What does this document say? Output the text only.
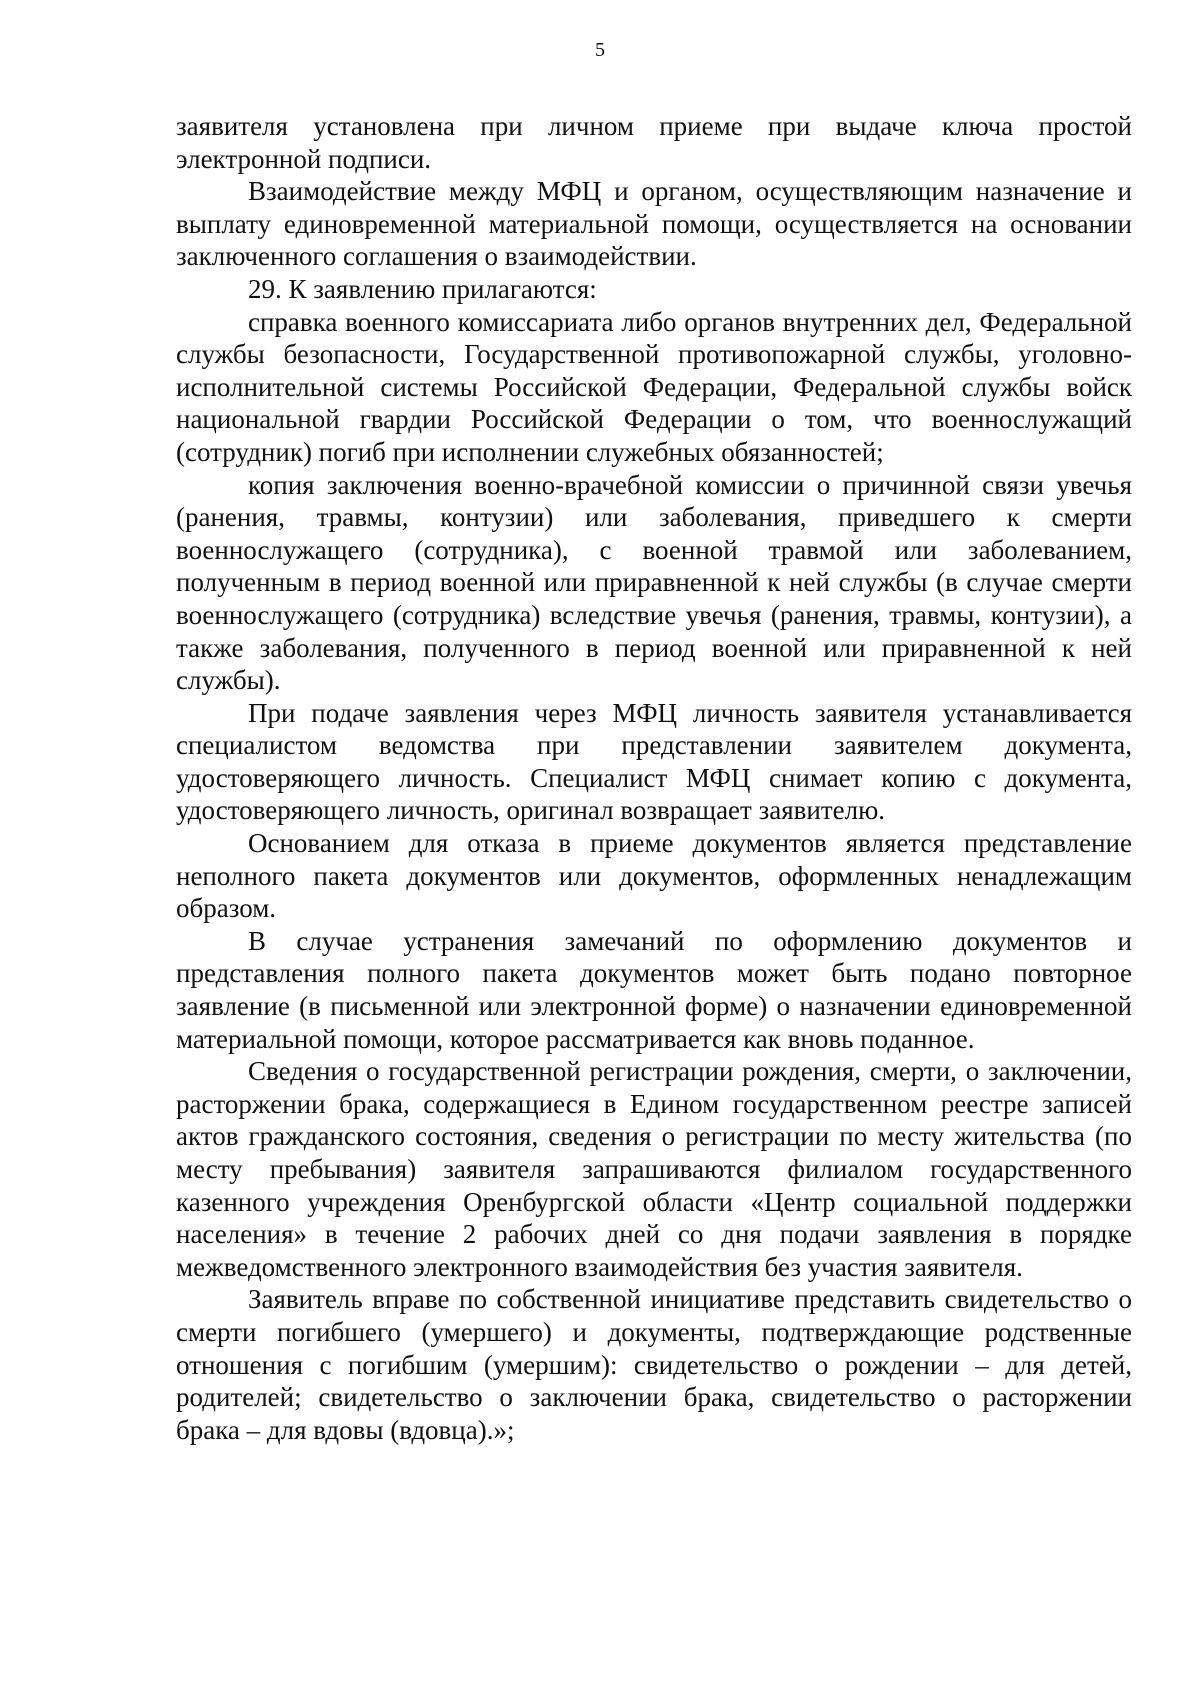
5

заявителя установлена при личном приеме при выдаче ключа простой электронной подписи.

Взаимодействие между МФЦ и органом, осуществляющим назначение и выплату единовременной материальной помощи, осуществляется на основании заключенного соглашения о взаимодействии.

29. К заявлению прилагаются:

справка военного комиссариата либо органов внутренних дел, Федеральной службы безопасности, Государственной противопожарной службы, уголовно-исполнительной системы Российской Федерации, Федеральной службы войск национальной гвардии Российской Федерации о том, что военнослужащий (сотрудник) погиб при исполнении служебных обязанностей;

копия заключения военно-врачебной комиссии о причинной связи увечья (ранения, травмы, контузии) или заболевания, приведшего к смерти военнослужащего (сотрудника), с военной травмой или заболеванием, полученным в период военной или приравненной к ней службы (в случае смерти военнослужащего (сотрудника) вследствие увечья (ранения, травмы, контузии), а также заболевания, полученного в период военной или приравненной к ней службы).

При подаче заявления через МФЦ личность заявителя устанавливается специалистом ведомства при представлении заявителем документа, удостоверяющего личность. Специалист МФЦ снимает копию с документа, удостоверяющего личность, оригинал возвращает заявителю.

Основанием для отказа в приеме документов является представление неполного пакета документов или документов, оформленных ненадлежащим образом.

В случае устранения замечаний по оформлению документов и представления полного пакета документов может быть подано повторное заявление (в письменной или электронной форме) о назначении единовременной материальной помощи, которое рассматривается как вновь поданное.

Сведения о государственной регистрации рождения, смерти, о заключении, расторжении брака, содержащиеся в Едином государственном реестре записей актов гражданского состояния, сведения о регистрации по месту жительства (по месту пребывания) заявителя запрашиваются филиалом государственного казенного учреждения Оренбургской области «Центр социальной поддержки населения» в течение 2 рабочих дней со дня подачи заявления в порядке межведомственного электронного взаимодействия без участия заявителя.

Заявитель вправе по собственной инициативе представить свидетельство о смерти погибшего (умершего) и документы, подтверждающие родственные отношения с погибшим (умершим): свидетельство о рождении – для детей, родителей; свидетельство о заключении брака, свидетельство о расторжении брака – для вдовы (вдовца).»;
